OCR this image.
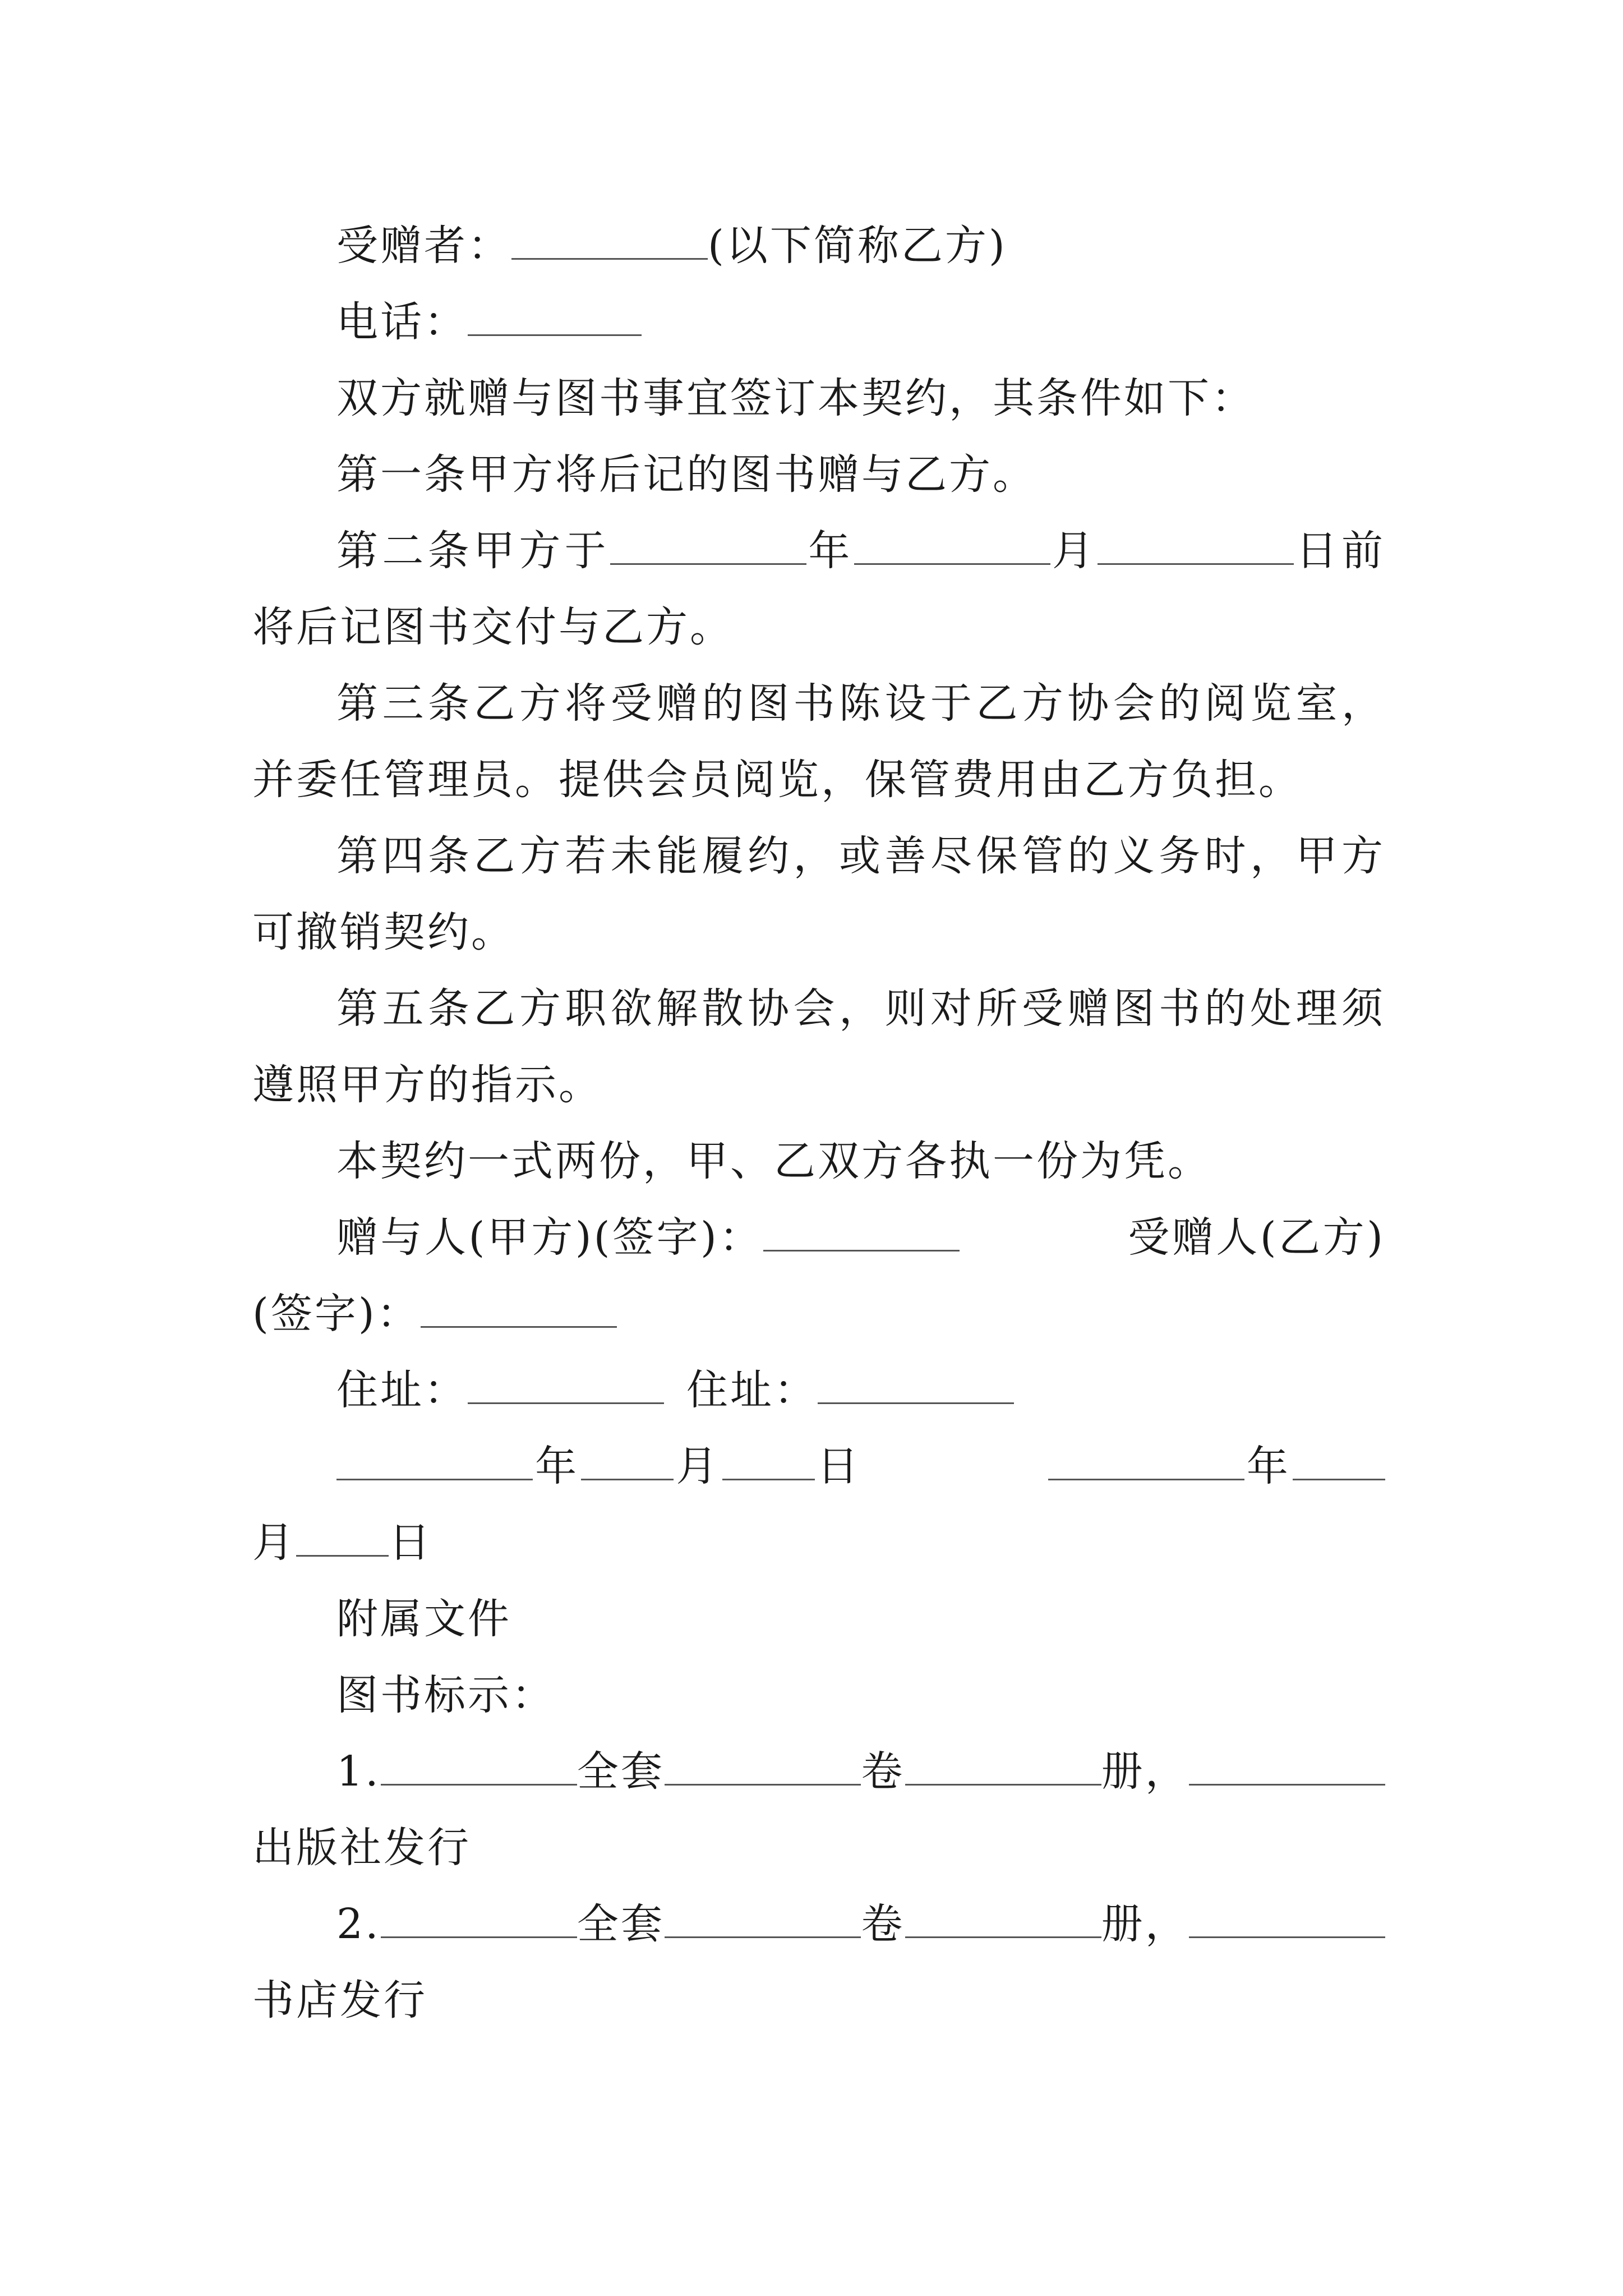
受赠者：	(以下简称乙方)

电话：

双方就赠与图书事宜签订本契约，其条件如下：

第一条甲方将后记的图书赠与乙方。

第二条甲方于	年	月	日前将后记图书交付与乙方。

第三条乙方将受赠的图书陈设于乙方协会的阅览室，并委任管理员。提供会员阅览，保管费用由乙方负担。

第四条乙方若未能履约，或善尽保管的义务时，甲方可撤销契约。

第五条乙方职欲解散协会，则对所受赠图书的处理须遵照甲方的指示。

本契约一式两份，甲、乙双方各执一份为凭。

赠与人(甲方)(签字)：	受赠人(乙方)(签字)：

住址：	住址：

年 月 日	年月 日

附属文件

图书标示：

1.	全套	卷	册，出版社发行

2.	全套	卷	册，书店发行
